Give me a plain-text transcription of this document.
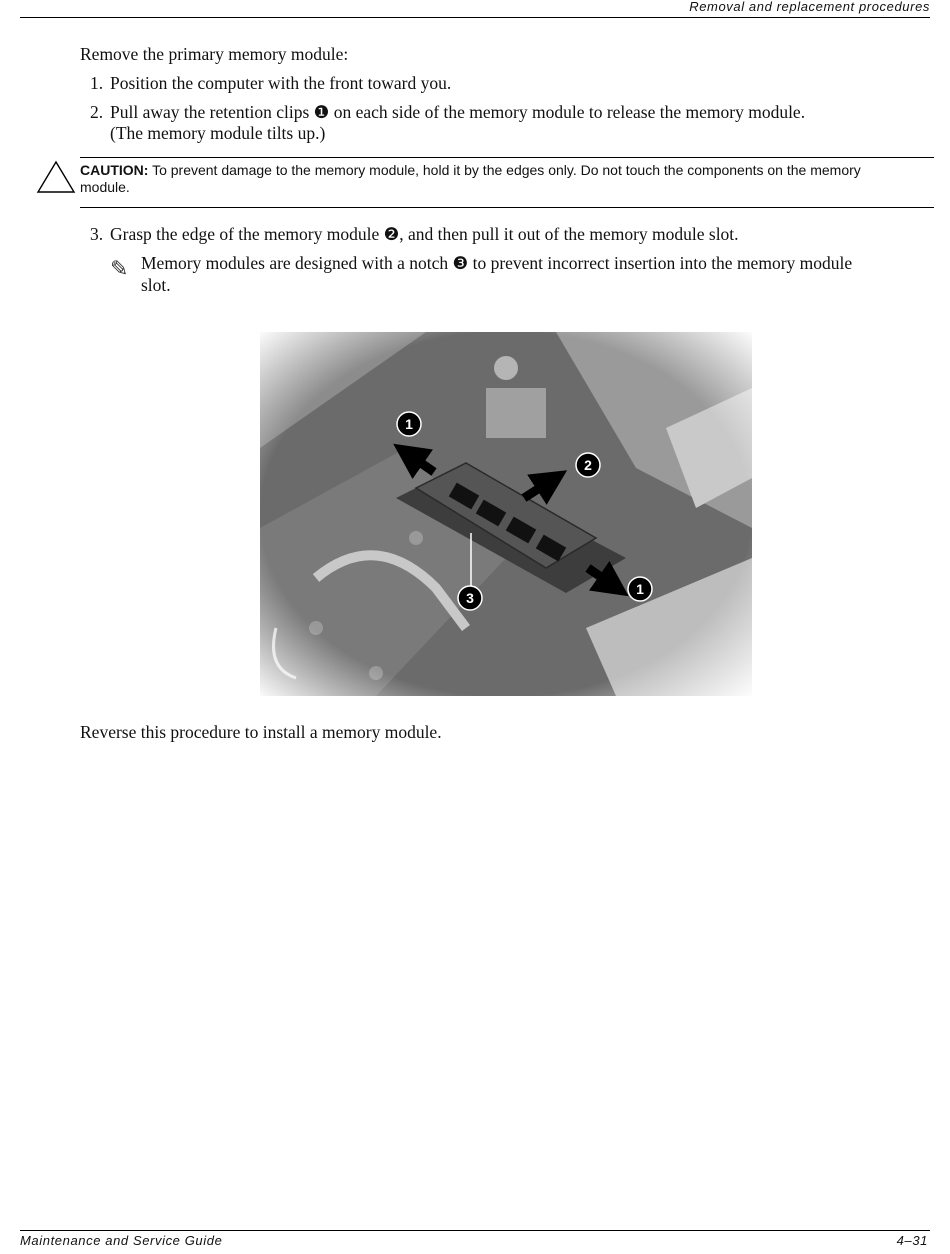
Removal and replacement procedures
Remove the primary memory module:
1. Position the computer with the front toward you.
2. Pull away the retention clips ❶ on each side of the memory module to release the memory module.
(The memory module tilts up.)
CAUTION: To prevent damage to the memory module, hold it by the edges only. Do not touch the components on the memory module.
3. Grasp the edge of the memory module ❷, and then pull it out of the memory module slot.
✎ Memory modules are designed with a notch ❸ to prevent incorrect insertion into the memory module slot.
Reverse this procedure to install a memory module.
Maintenance and Service Guide	4–31
